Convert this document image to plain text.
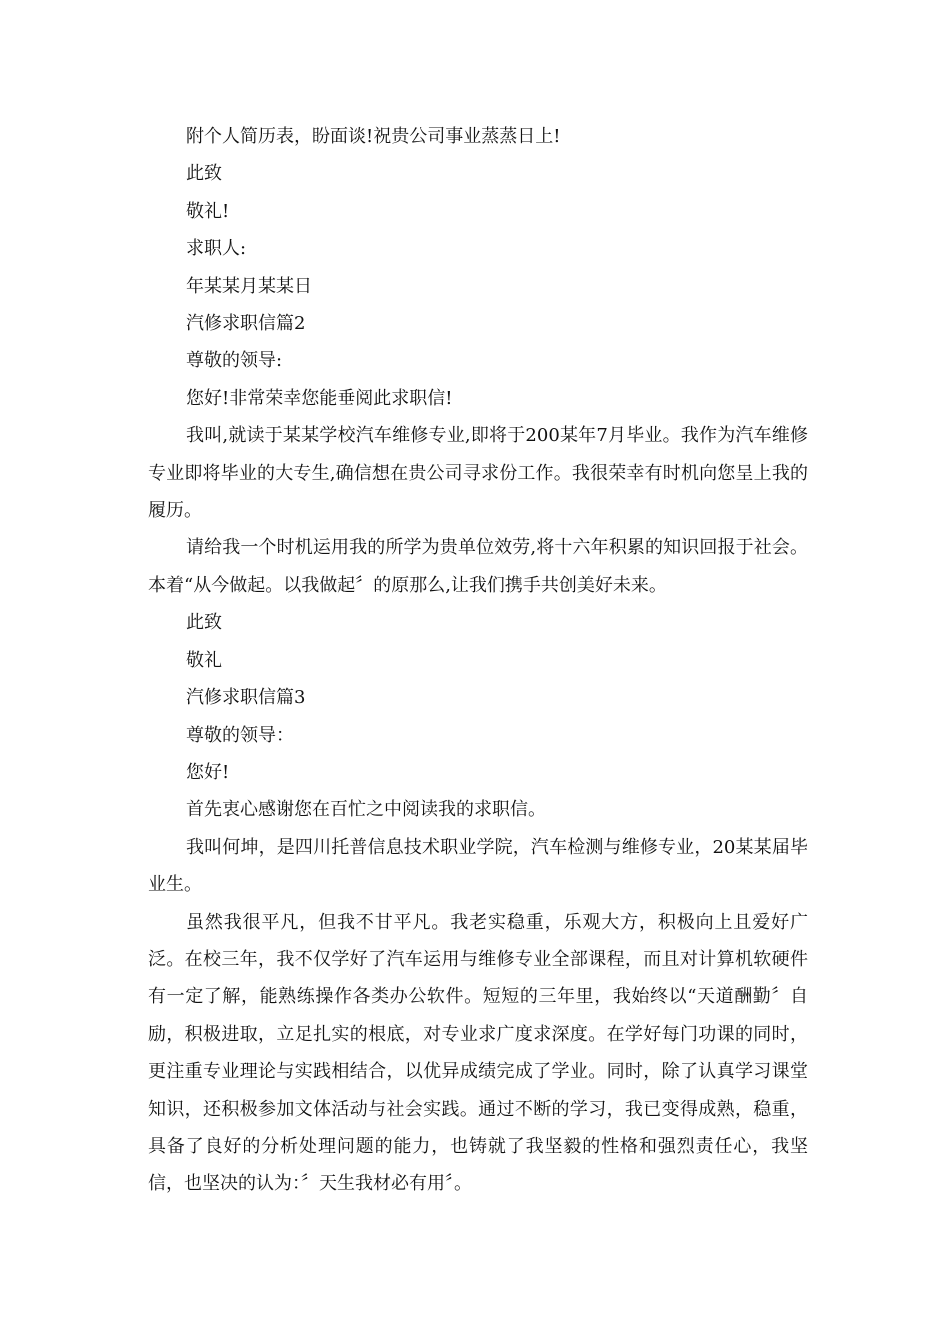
附个人简历表，盼面谈!祝贵公司事业蒸蒸日上!

此致

敬礼!

求职人:

年某某月某某日

汽修求职信篇2

尊敬的领导:

您好!非常荣幸您能垂阅此求职信!

我叫,就读于某某学校汽车维修专业,即将于200某年7月毕业。我作为汽车维修专业即将毕业的大专生,确信想在贵公司寻求份工作。我很荣幸有时机向您呈上我的履历。

请给我一个时机运用我的所学为贵单位效劳,将十六年积累的知识回报于社会。本着“从今做起。以我做起〞的原那么,让我们携手共创美好未来。

此致

敬礼

汽修求职信篇3

尊敬的领导：

您好!

首先衷心感谢您在百忙之中阅读我的求职信。

我叫何坤，是四川托普信息技术职业学院，汽车检测与维修专业，20某某届毕业生。

虽然我很平凡，但我不甘平凡。我老实稳重，乐观大方，积极向上且爱好广泛。在校三年，我不仅学好了汽车运用与维修专业全部课程，而且对计算机软硬件有一定了解，能熟练操作各类办公软件。短短的三年里，我始终以“天道酬勤〞自励，积极进取，立足扎实的根底，对专业求广度求深度。在学好每门功课的同时，更注重专业理论与实践相结合，以优异成绩完成了学业。同时，除了认真学习课堂知识，还积极参加文体活动与社会实践。通过不断的学习，我已变得成熟，稳重，具备了良好的分析处理问题的能力，也铸就了我坚毅的性格和强烈责任心，我坚信，也坚决的认为：〞天生我材必有用〞。
